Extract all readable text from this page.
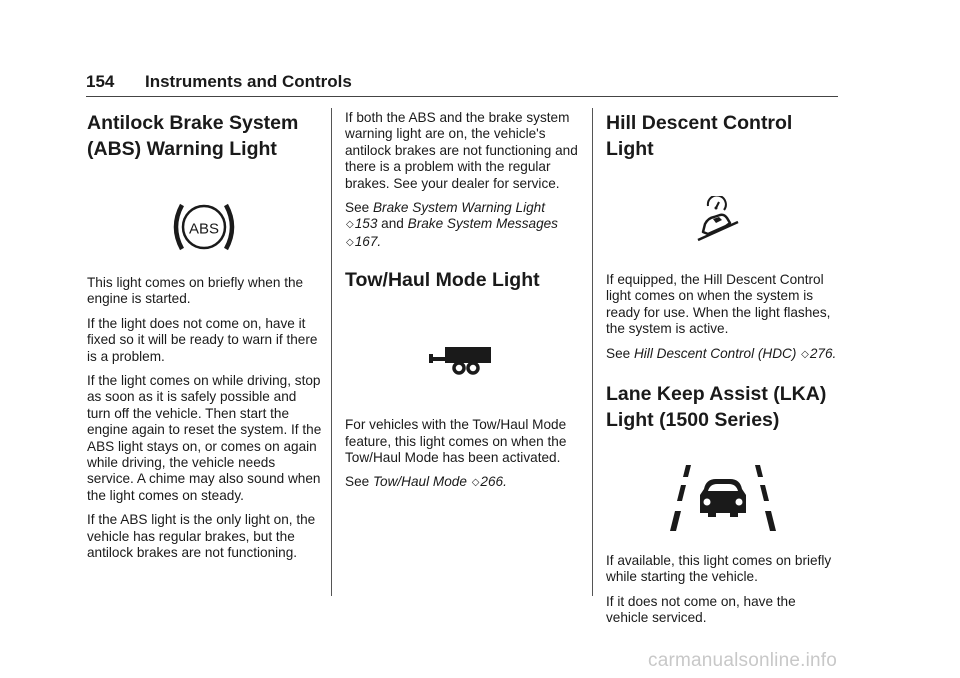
154 Instruments and Controls
Antilock Brake System
(ABS) Warning Light
ABS

This light comes on briefly when the engine is started.

If the light does not come on, have it fixed so it will be ready to warn if there is a problem.

If the light comes on while driving, stop as soon as it is safely possible and turn off the vehicle. Then start the engine again to reset the system. If the ABS light stays on, or comes on again while driving, the vehicle needs service. A chime may also sound when the light comes on steady.

If the ABS light is the only light on, the vehicle has regular brakes, but the antilock brakes are not functioning.

If both the ABS and the brake system warning light are on, the vehicle's antilock brakes are not functioning and there is a problem with the regular brakes. See your dealer for service.

See Brake System Warning Light
◇153 and Brake System Messages ◇167.

Tow/Haul Mode Light

For vehicles with the Tow/Haul Mode feature, this light comes on when the Tow/Haul Mode has been activated.

See Tow/Haul Mode ◇266.

Hill Descent Control Light

If equipped, the Hill Descent Control light comes on when the system is ready for use. When the light flashes, the system is active.

See Hill Descent Control (HDC) ◇276.

Lane Keep Assist (LKA)
Light (1500 Series)

If available, this light comes on briefly while starting the vehicle.

If it does not come on, have the vehicle serviced.

carmanualsonline.info
